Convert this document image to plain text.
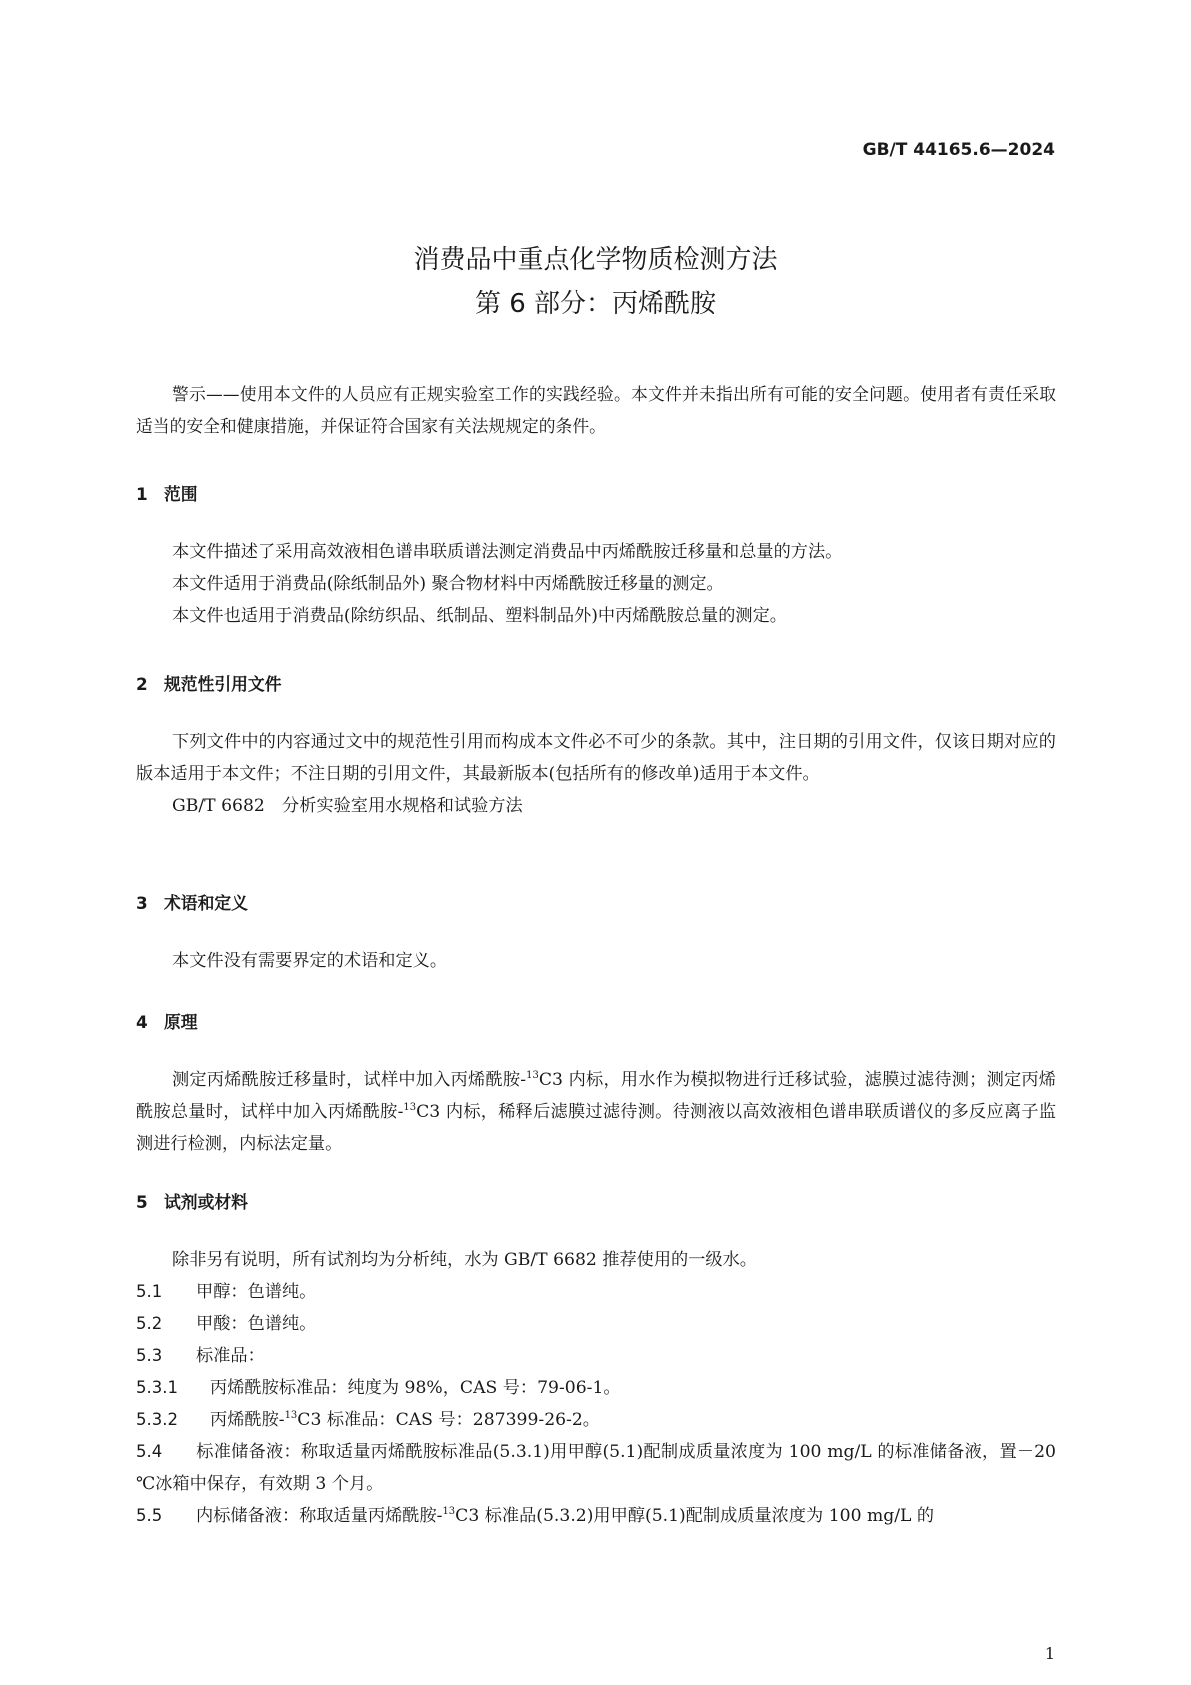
GB/T 44165.6—2024
消费品中重点化学物质检测方法
第 6 部分：丙烯酰胺

警示——使用本文件的人员应有正规实验室工作的实践经验。本文件并未指出所有可能的安全问题。使用者有责任采取适当的安全和健康措施，并保证符合国家有关法规规定的条件。

1 范围

本文件描述了采用高效液相色谱串联质谱法测定消费品中丙烯酰胺迁移量和总量的方法。

本文件适用于消费品(除纸制品外) 聚合物材料中丙烯酰胺迁移量的测定。

本文件也适用于消费品(除纺织品、纸制品、塑料制品外)中丙烯酰胺总量的测定。

2 规范性引用文件

下列文件中的内容通过文中的规范性引用而构成本文件必不可少的条款。其中，注日期的引用文件，仅该日期对应的版本适用于本文件；不注日期的引用文件，其最新版本(包括所有的修改单)适用于本文件。

GB/T 6682　分析实验室用水规格和试验方法

3 术语和定义

本文件没有需要界定的术语和定义。

4 原理

测定丙烯酰胺迁移量时，试样中加入丙烯酰胺-$^{13}$C3 内标，用水作为模拟物进行迁移试验，滤膜过滤待测；测定丙烯酰胺总量时，试样中加入丙烯酰胺-$^{13}$C3 内标，稀释后滤膜过滤待测。待测液以高效液相色谱串联质谱仪的多反应离子监测进行检测，内标法定量。

5 试剂或材料

除非另有说明，所有试剂均为分析纯，水为 GB/T 6682 推荐使用的一级水。

5.1 甲醇：色谱纯。

5.2 甲酸：色谱纯。

5.3 标准品：

5.3.1 丙烯酰胺标准品：纯度为 98%，CAS 号：79-06-1。

5.3.2 丙烯酰胺-$^{13}$C3 标准品：CAS 号：287399-26-2。

5.4 标准储备液：称取适量丙烯酰胺标准品(5.3.1)用甲醇(5.1)配制成质量浓度为 100 mg/L 的标准储备液，置－20 ℃冰箱中保存，有效期 3 个月。

5.5 内标储备液：称取适量丙烯酰胺-$^{13}$C3 标准品(5.3.2)用甲醇(5.1)配制成质量浓度为 100 mg/L 的

1
